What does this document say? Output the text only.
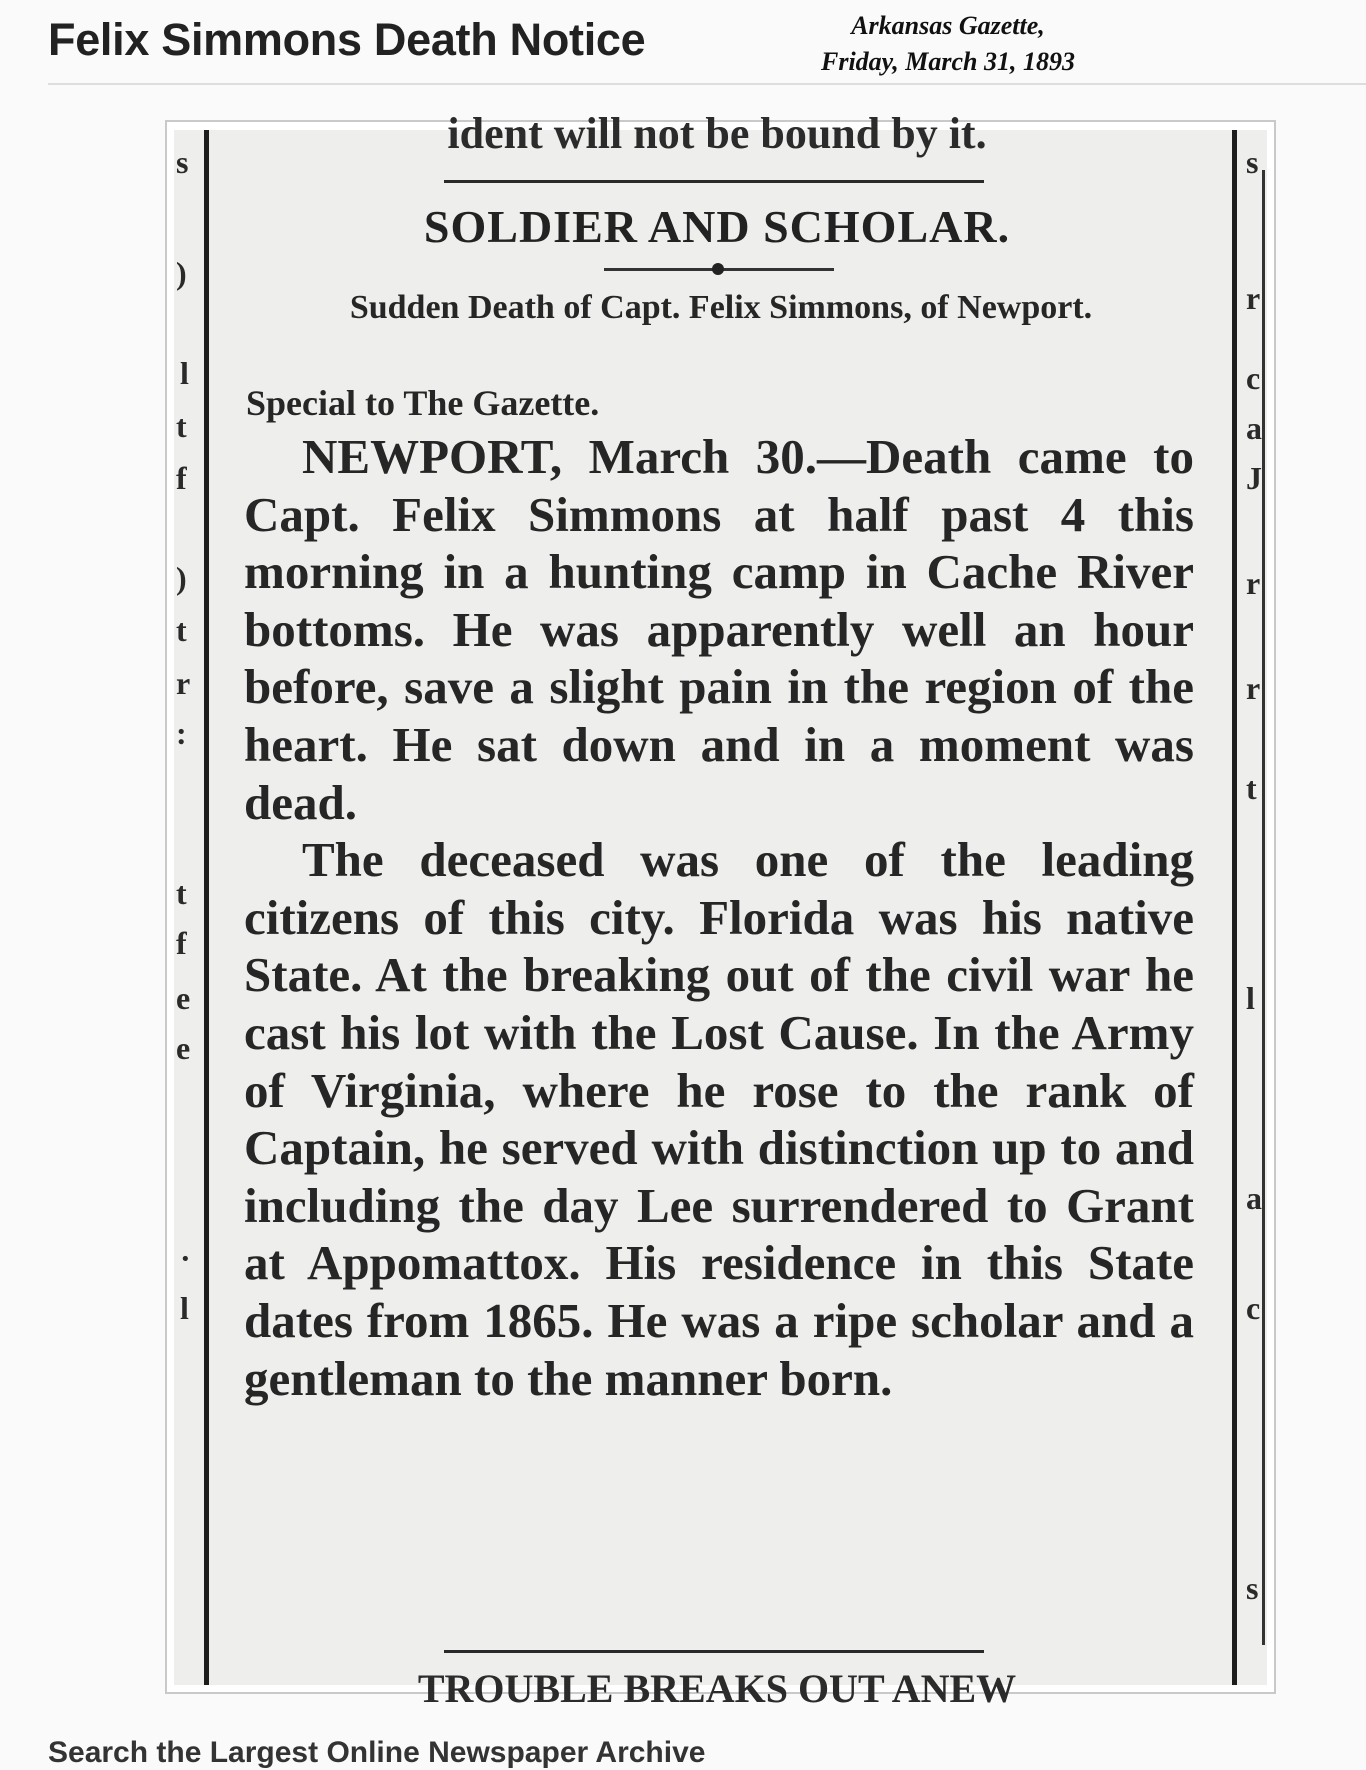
Felix Simmons Death Notice	Arkansas Gazette,
Friday, March 31, 1893
s
)
l
t
f
)
t
r
:
t
f
e
e
·
l
s
r
c
a
J
r
r
t
l
a
c
s
ident will not be bound by it.
SOLDIER AND SCHOLAR.
Sudden Death of Capt. Felix Simmons, of Newport.
Special to The Gazette.

NEWPORT, March 30.—Death came to Capt. Felix Simmons at half past 4 this morning in a hunting camp in Cache River bottoms. He was apparently well an hour before, save a slight pain in the region of the heart. He sat down and in a moment was dead.

The deceased was one of the leading citizens of this city. Florida was his native State. At the breaking out of the civil war he cast his lot with the Lost Cause. In the Army of Virginia, where he rose to the rank of Captain, he served with distinction up to and including the day Lee surrendered to Grant at Appomattox. His residence in this State dates from 1865. He was a ripe scholar and a gentleman to the manner born.

TROUBLE BREAKS OUT ANEW
Search the Largest Online Newspaper Archive
